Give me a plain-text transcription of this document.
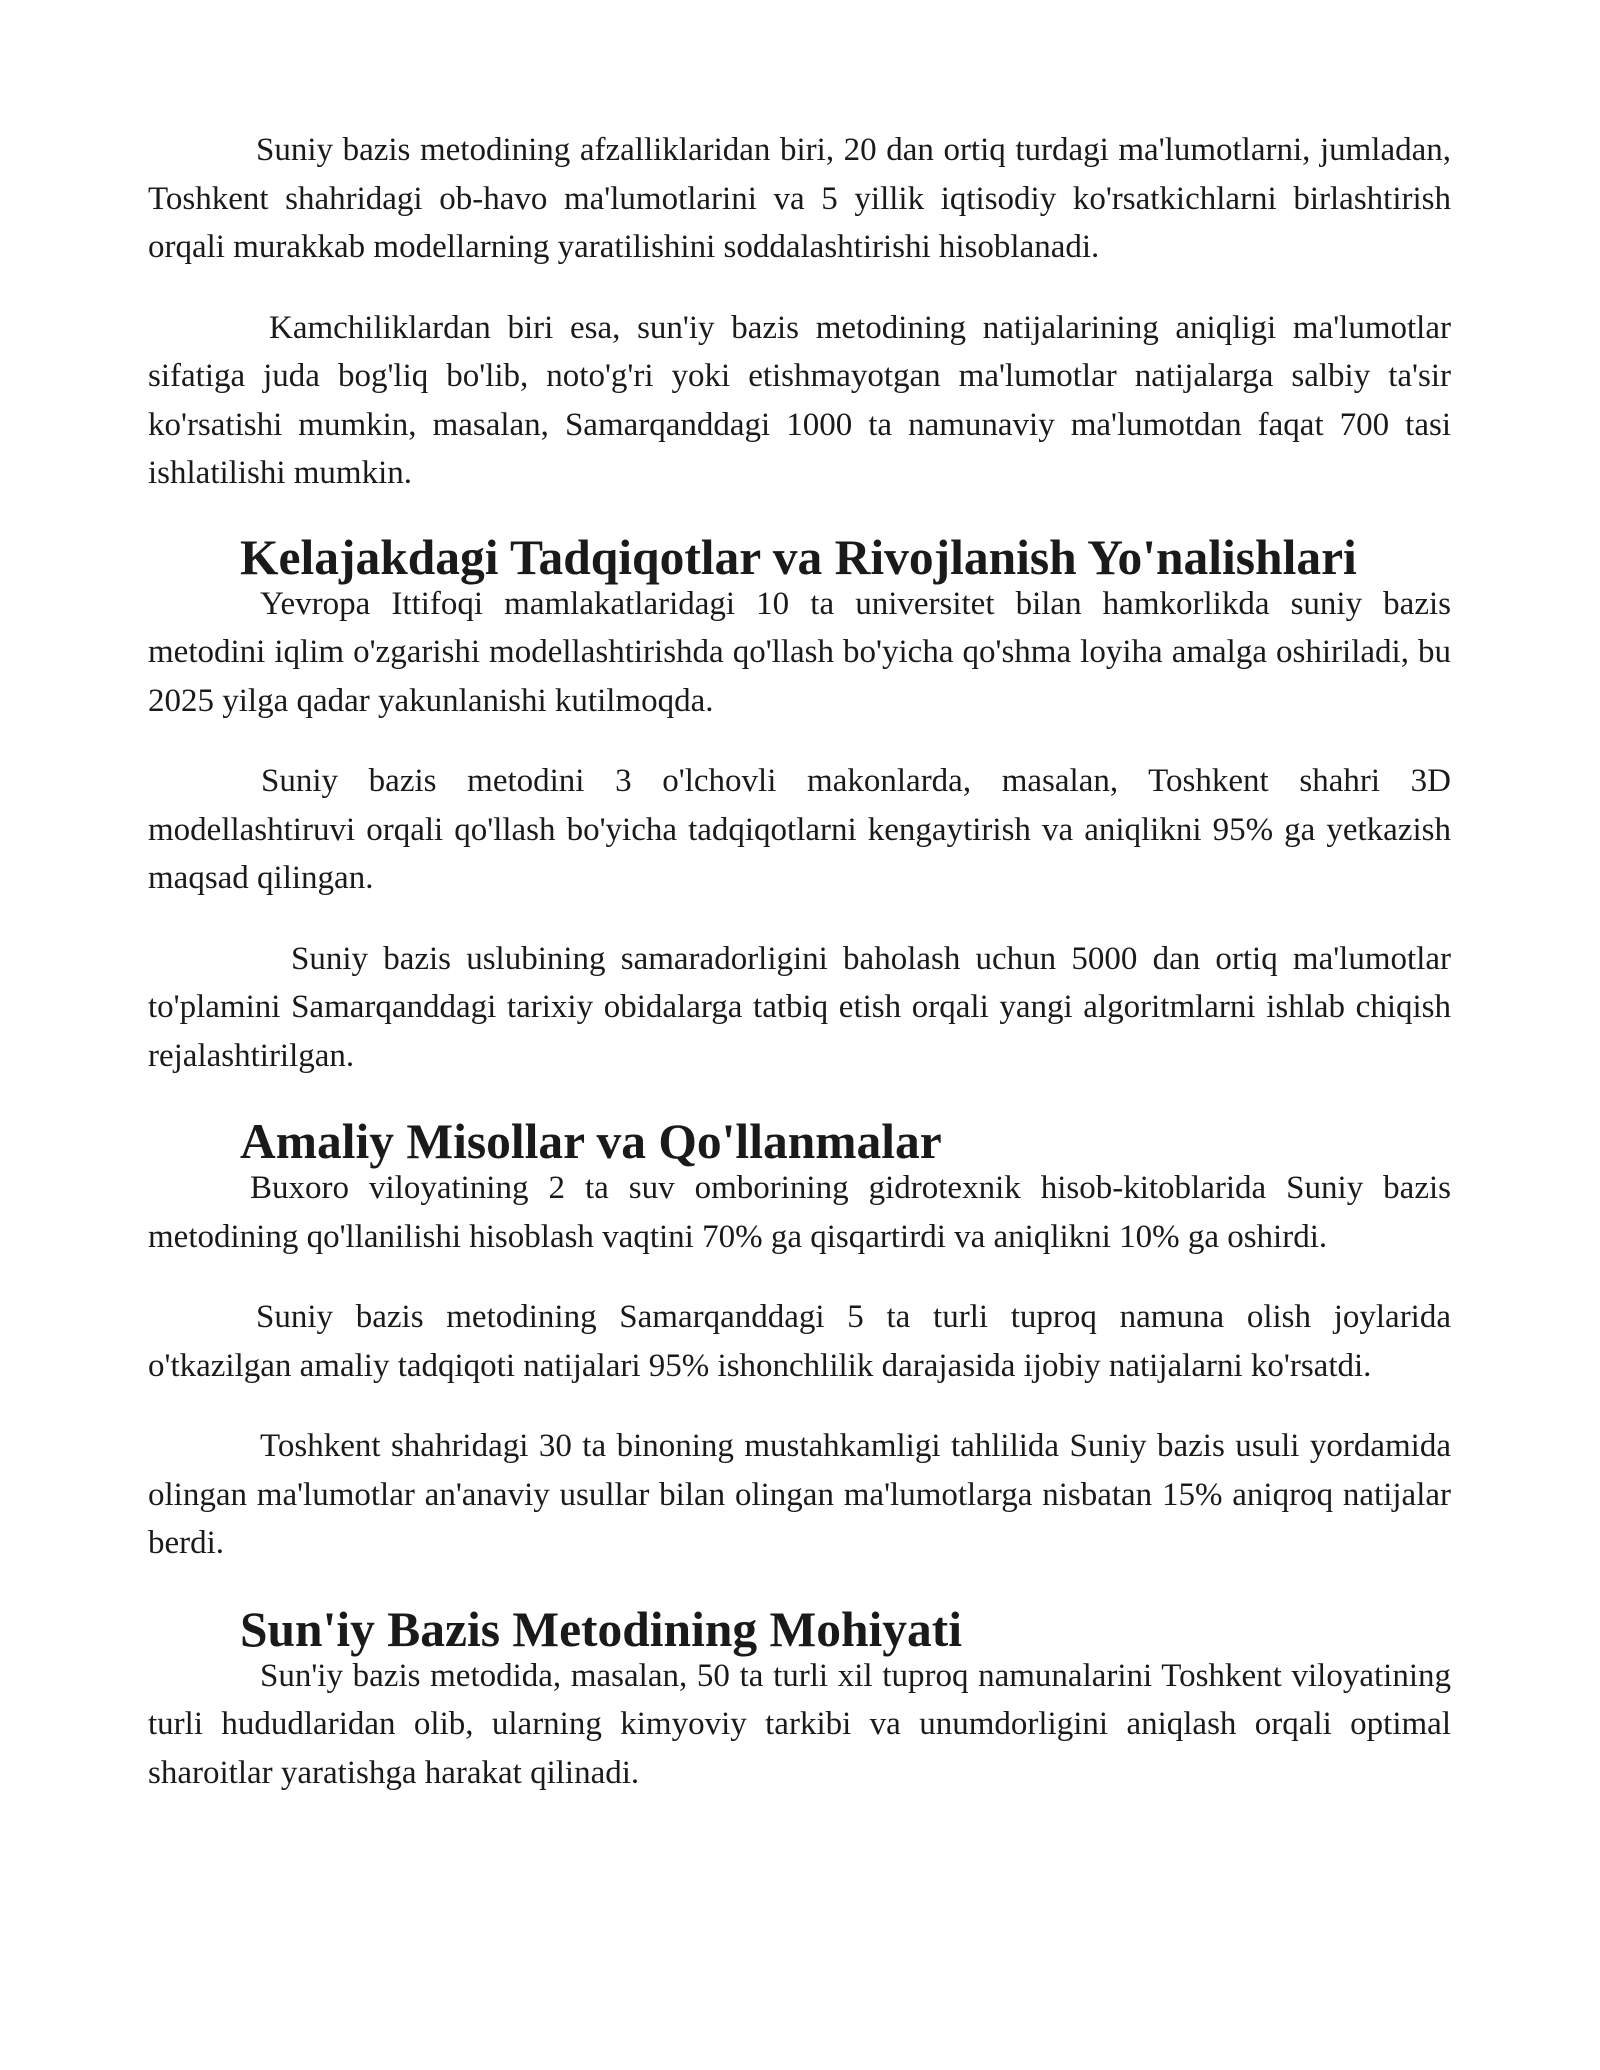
Suniy bazis metodining afzalliklaridan biri, 20 dan ortiq turdagi ma'lumotlarni, jumladan, Toshkent shahridagi ob-havo ma'lumotlarini va 5 yillik iqtisodiy ko'rsatkichlarni birlashtirish orqali murakkab modellarning yaratilishini soddalashtirishi hisoblanadi.

Kamchiliklardan biri esa, sun'iy bazis metodining natijalarining aniqligi ma'lumotlar sifatiga juda bog'liq bo'lib, noto'g'ri yoki etishmayotgan ma'lumotlar natijalarga salbiy ta'sir ko'rsatishi mumkin, masalan, Samarqanddagi 1000 ta namunaviy ma'lumotdan faqat 700 tasi ishlatilishi mumkin.

Kelajakdagi Tadqiqotlar va Rivojlanish Yo'nalishlari

Yevropa Ittifoqi mamlakatlaridagi 10 ta universitet bilan hamkorlikda suniy bazis metodini iqlim o'zgarishi modellashtirishda qo'llash bo'yicha qo'shma loyiha amalga oshiriladi, bu 2025 yilga qadar yakunlanishi kutilmoqda.

Suniy bazis metodini 3 o'lchovli makonlarda, masalan, Toshkent shahri 3D modellashtiruvi orqali qo'llash bo'yicha tadqiqotlarni kengaytirish va aniqlikni 95% ga yetkazish maqsad qilingan.

Suniy bazis uslubining samaradorligini baholash uchun 5000 dan ortiq ma'lumotlar to'plamini Samarqanddagi tarixiy obidalarga tatbiq etish orqali yangi algoritmlarni ishlab chiqish rejalashtirilgan.

Amaliy Misollar va Qo'llanmalar

Buxoro viloyatining 2 ta suv omborining gidrotexnik hisob-kitoblarida Suniy bazis metodining qo'llanilishi hisoblash vaqtini 70% ga qisqartirdi va aniqlikni 10% ga oshirdi.

Suniy bazis metodining Samarqanddagi 5 ta turli tuproq namuna olish joylarida o'tkazilgan amaliy tadqiqoti natijalari 95% ishonchlilik darajasida ijobiy natijalarni ko'rsatdi.

Toshkent shahridagi 30 ta binoning mustahkamligi tahlilida Suniy bazis usuli yordamida olingan ma'lumotlar an'anaviy usullar bilan olingan ma'lumotlarga nisbatan 15% aniqroq natijalar berdi.

Sun'iy Bazis Metodining Mohiyati

Sun'iy bazis metodida, masalan, 50 ta turli xil tuproq namunalarini Toshkent viloyatining turli hududlaridan olib, ularning kimyoviy tarkibi va unumdorligini aniqlash orqali optimal sharoitlar yaratishga harakat qilinadi.
